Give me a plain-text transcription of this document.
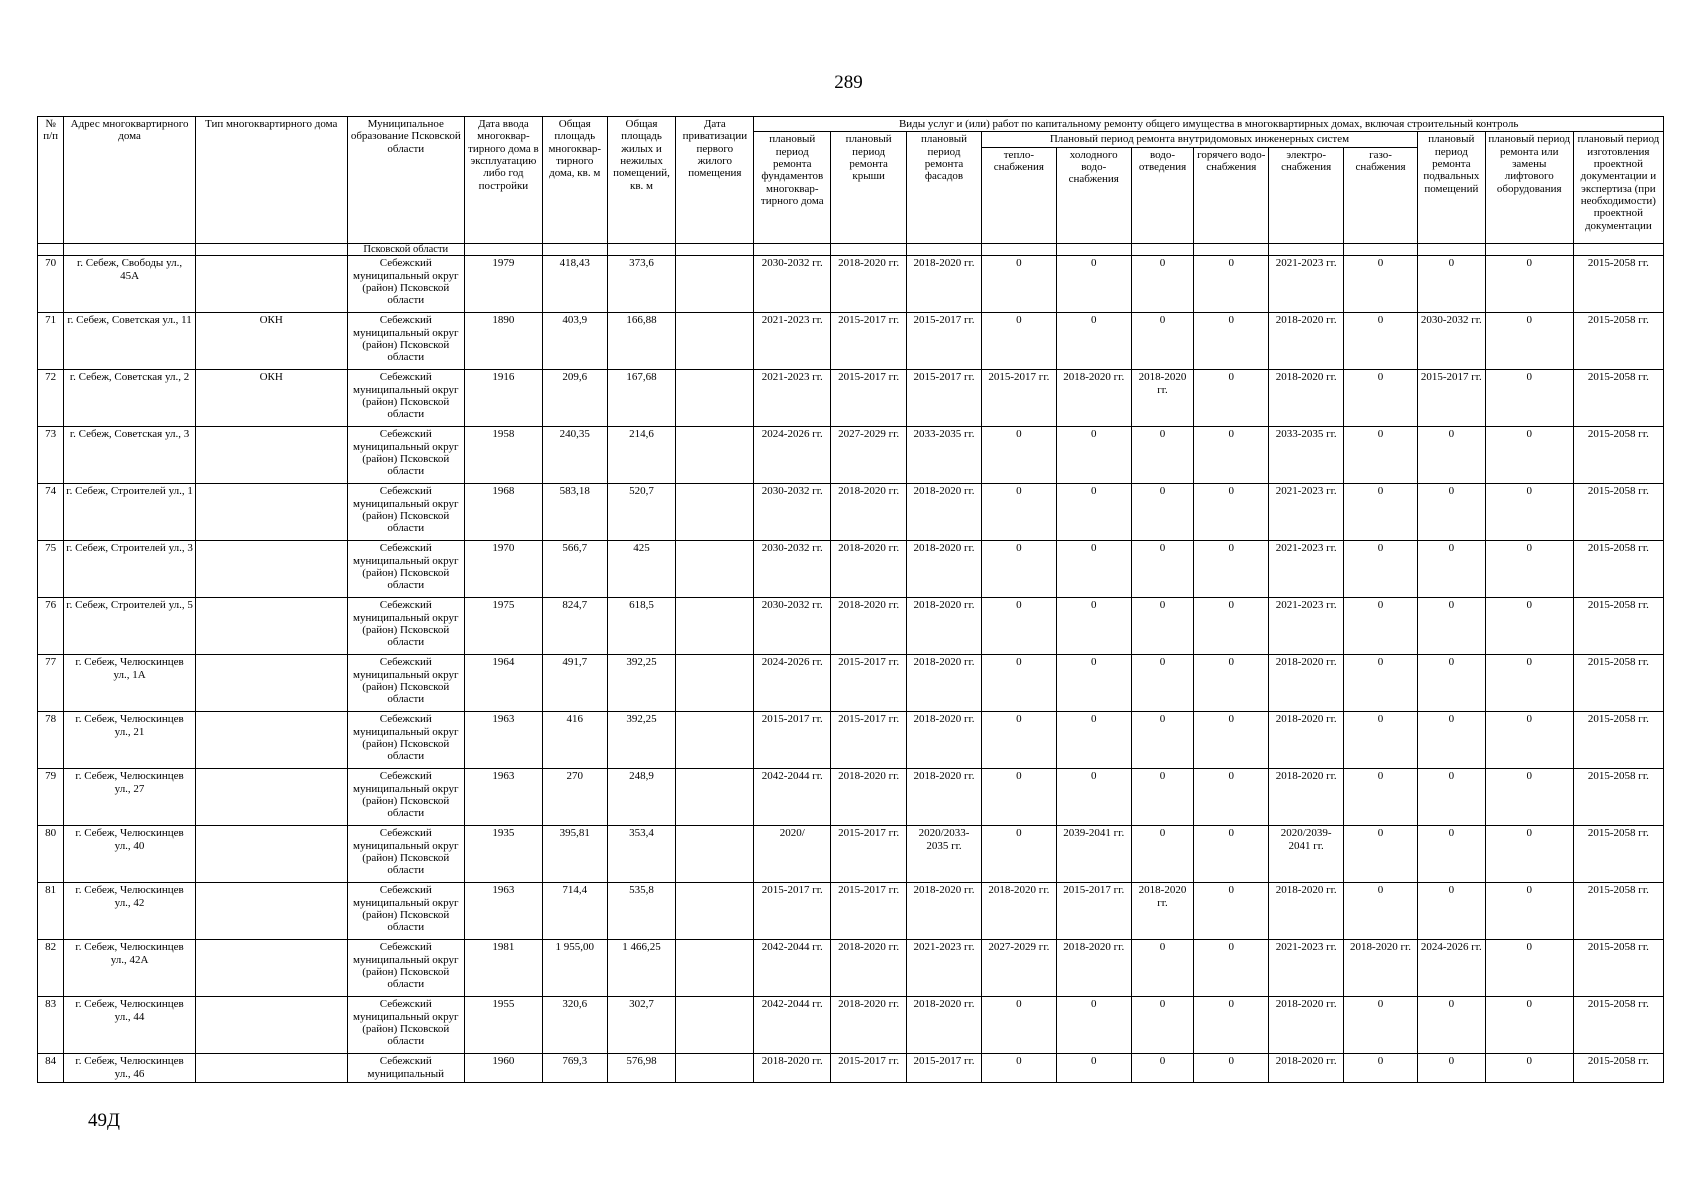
289
№ п/п	Адрес многоквартирного дома	Тип многоквартирного дома	Муниципальное образование Псковской области	Дата ввода многоквар-тирного дома в эксплуатацию либо год постройки	Общая площадь многоквар-тирного дома, кв. м	Общая площадь жилых и нежилых помещений, кв. м	Дата приватизации первого жилого помещения	Виды услуг и (или) работ по капитальному ремонту общего имущества в многоквартирных домах, включая строительный контроль											
								плановый период ремонта фундаментов многоквар-тирного дома	плановый период ремонта крыши	плановый период ремонта фасадов	Плановый период ремонта внутридомовых инженерных систем						плановый период ремонта подвальных помещений	плановый период ремонта или замены лифтового оборудования	плановый период изготовления проектной документации и экспертиза (при необходимости) проектной документации
											тепло-снабжения	холодного водо-снабжения	водо-отведения	горячего водо-снабжения	электро-снабжения	газо-снабжения			
			Псковской области																
70	г. Себеж, Свободы ул., 45А		Себежский муниципальный округ (район) Псковской области	1979	418,43	373,6		2030-2032 гг.	2018-2020 гг.	2018-2020 гг.	0	0	0	0	2021-2023 гг.	0	0	0	2015-2058 гг.
71	г. Себеж, Советская ул., 11	ОКН	Себежский муниципальный округ (район) Псковской области	1890	403,9	166,88		2021-2023 гг.	2015-2017 гг.	2015-2017 гг.	0	0	0	0	2018-2020 гг.	0	2030-2032 гг.	0	2015-2058 гг.
72	г. Себеж, Советская ул., 2	ОКН	Себежский муниципальный округ (район) Псковской области	1916	209,6	167,68		2021-2023 гг.	2015-2017 гг.	2015-2017 гг.	2015-2017 гг.	2018-2020 гг.	2018-2020 гг.	0	2018-2020 гг.	0	2015-2017 гг.	0	2015-2058 гг.
73	г. Себеж, Советская ул., 3		Себежский муниципальный округ (район) Псковской области	1958	240,35	214,6		2024-2026 гг.	2027-2029 гг.	2033-2035 гг.	0	0	0	0	2033-2035 гг.	0	0	0	2015-2058 гг.
74	г. Себеж, Строителей ул., 1		Себежский муниципальный округ (район) Псковской области	1968	583,18	520,7		2030-2032 гг.	2018-2020 гг.	2018-2020 гг.	0	0	0	0	2021-2023 гг.	0	0	0	2015-2058 гг.
75	г. Себеж, Строителей ул., 3		Себежский муниципальный округ (район) Псковской области	1970	566,7	425		2030-2032 гг.	2018-2020 гг.	2018-2020 гг.	0	0	0	0	2021-2023 гг.	0	0	0	2015-2058 гг.
76	г. Себеж, Строителей ул., 5		Себежский муниципальный округ (район) Псковской области	1975	824,7	618,5		2030-2032 гг.	2018-2020 гг.	2018-2020 гг.	0	0	0	0	2021-2023 гг.	0	0	0	2015-2058 гг.
77	г. Себеж, Челюскинцев ул., 1А		Себежский муниципальный округ (район) Псковской области	1964	491,7	392,25		2024-2026 гг.	2015-2017 гг.	2018-2020 гг.	0	0	0	0	2018-2020 гг.	0	0	0	2015-2058 гг.
78	г. Себеж, Челюскинцев ул., 21		Себежский муниципальный округ (район) Псковской области	1963	416	392,25		2015-2017 гг.	2015-2017 гг.	2018-2020 гг.	0	0	0	0	2018-2020 гг.	0	0	0	2015-2058 гг.
79	г. Себеж, Челюскинцев ул., 27		Себежский муниципальный округ (район) Псковской области	1963	270	248,9		2042-2044 гг.	2018-2020 гг.	2018-2020 гг.	0	0	0	0	2018-2020 гг.	0	0	0	2015-2058 гг.
80	г. Себеж, Челюскинцев ул., 40		Себежский муниципальный округ (район) Псковской области	1935	395,81	353,4		2020/	2015-2017 гг.	2020/2033-2035 гг.	0	2039-2041 гг.	0	0	2020/2039-2041 гг.	0	0	0	2015-2058 гг.
81	г. Себеж, Челюскинцев ул., 42		Себежский муниципальный округ (район) Псковской области	1963	714,4	535,8		2015-2017 гг.	2015-2017 гг.	2018-2020 гг.	2018-2020 гг.	2015-2017 гг.	2018-2020 гг.	0	2018-2020 гг.	0	0	0	2015-2058 гг.
82	г. Себеж, Челюскинцев ул., 42А		Себежский муниципальный округ (район) Псковской области	1981	1 955,00	1 466,25		2042-2044 гг.	2018-2020 гг.	2021-2023 гг.	2027-2029 гг.	2018-2020 гг.	0	0	2021-2023 гг.	2018-2020 гг.	2024-2026 гг.	0	2015-2058 гг.
83	г. Себеж, Челюскинцев ул., 44		Себежский муниципальный округ (район) Псковской области	1955	320,6	302,7		2042-2044 гг.	2018-2020 гг.	2018-2020 гг.	0	0	0	0	2018-2020 гг.	0	0	0	2015-2058 гг.
84	г. Себеж, Челюскинцев ул., 46		Себежский муниципальный	1960	769,3	576,98		2018-2020 гг.	2015-2017 гг.	2015-2017 гг.	0	0	0	0	2018-2020 гг.	0	0	0	2015-2058 гг.
49Д
